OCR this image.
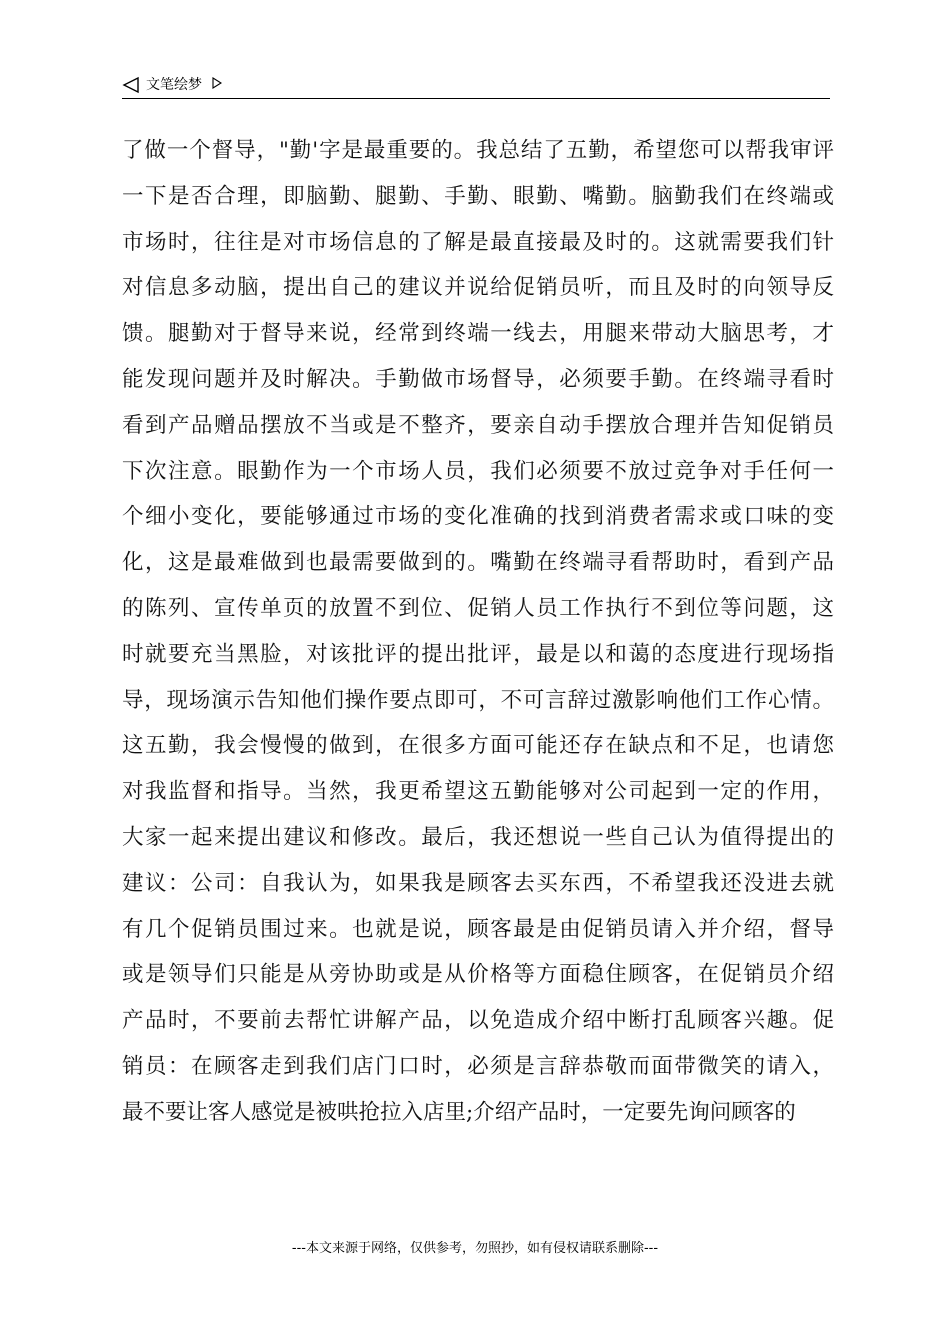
文笔绘梦
了做一个督导，"勤'字是最重要的。我总结了五勤，希望您可以帮我审评
一下是否合理，即脑勤、腿勤、手勤、眼勤、嘴勤。脑勤我们在终端或
市场时，往往是对市场信息的了解是最直接最及时的。这就需要我们针
对信息多动脑，提出自己的建议并说给促销员听，而且及时的向领导反
馈。腿勤对于督导来说，经常到终端一线去，用腿来带动大脑思考，才
能发现问题并及时解决。手勤做市场督导，必须要手勤。在终端寻看时
看到产品赠品摆放不当或是不整齐，要亲自动手摆放合理并告知促销员
下次注意。眼勤作为一个市场人员，我们必须要不放过竞争对手任何一
个细小变化，要能够通过市场的变化准确的找到消费者需求或口味的变
化，这是最难做到也最需要做到的。嘴勤在终端寻看帮助时，看到产品
的陈列、宣传单页的放置不到位、促销人员工作执行不到位等问题，这
时就要充当黑脸，对该批评的提出批评，最是以和蔼的态度进行现场指
导，现场演示告知他们操作要点即可，不可言辞过激影响他们工作心情。
这五勤，我会慢慢的做到，在很多方面可能还存在缺点和不足，也请您
对我监督和指导。当然，我更希望这五勤能够对公司起到一定的作用，
大家一起来提出建议和修改。最后，我还想说一些自己认为值得提出的
建议：公司：自我认为，如果我是顾客去买东西，不希望我还没进去就
有几个促销员围过来。也就是说，顾客最是由促销员请入并介绍，督导
或是领导们只能是从旁协助或是从价格等方面稳住顾客，在促销员介绍
产品时，不要前去帮忙讲解产品，以免造成介绍中断打乱顾客兴趣。促
销员：在顾客走到我们店门口时，必须是言辞恭敬而面带微笑的请入，
最不要让客人感觉是被哄抢拉入店里;介绍产品时，一定要先询问顾客的
---本文来源于网络，仅供参考，勿照抄，如有侵权请联系删除---
